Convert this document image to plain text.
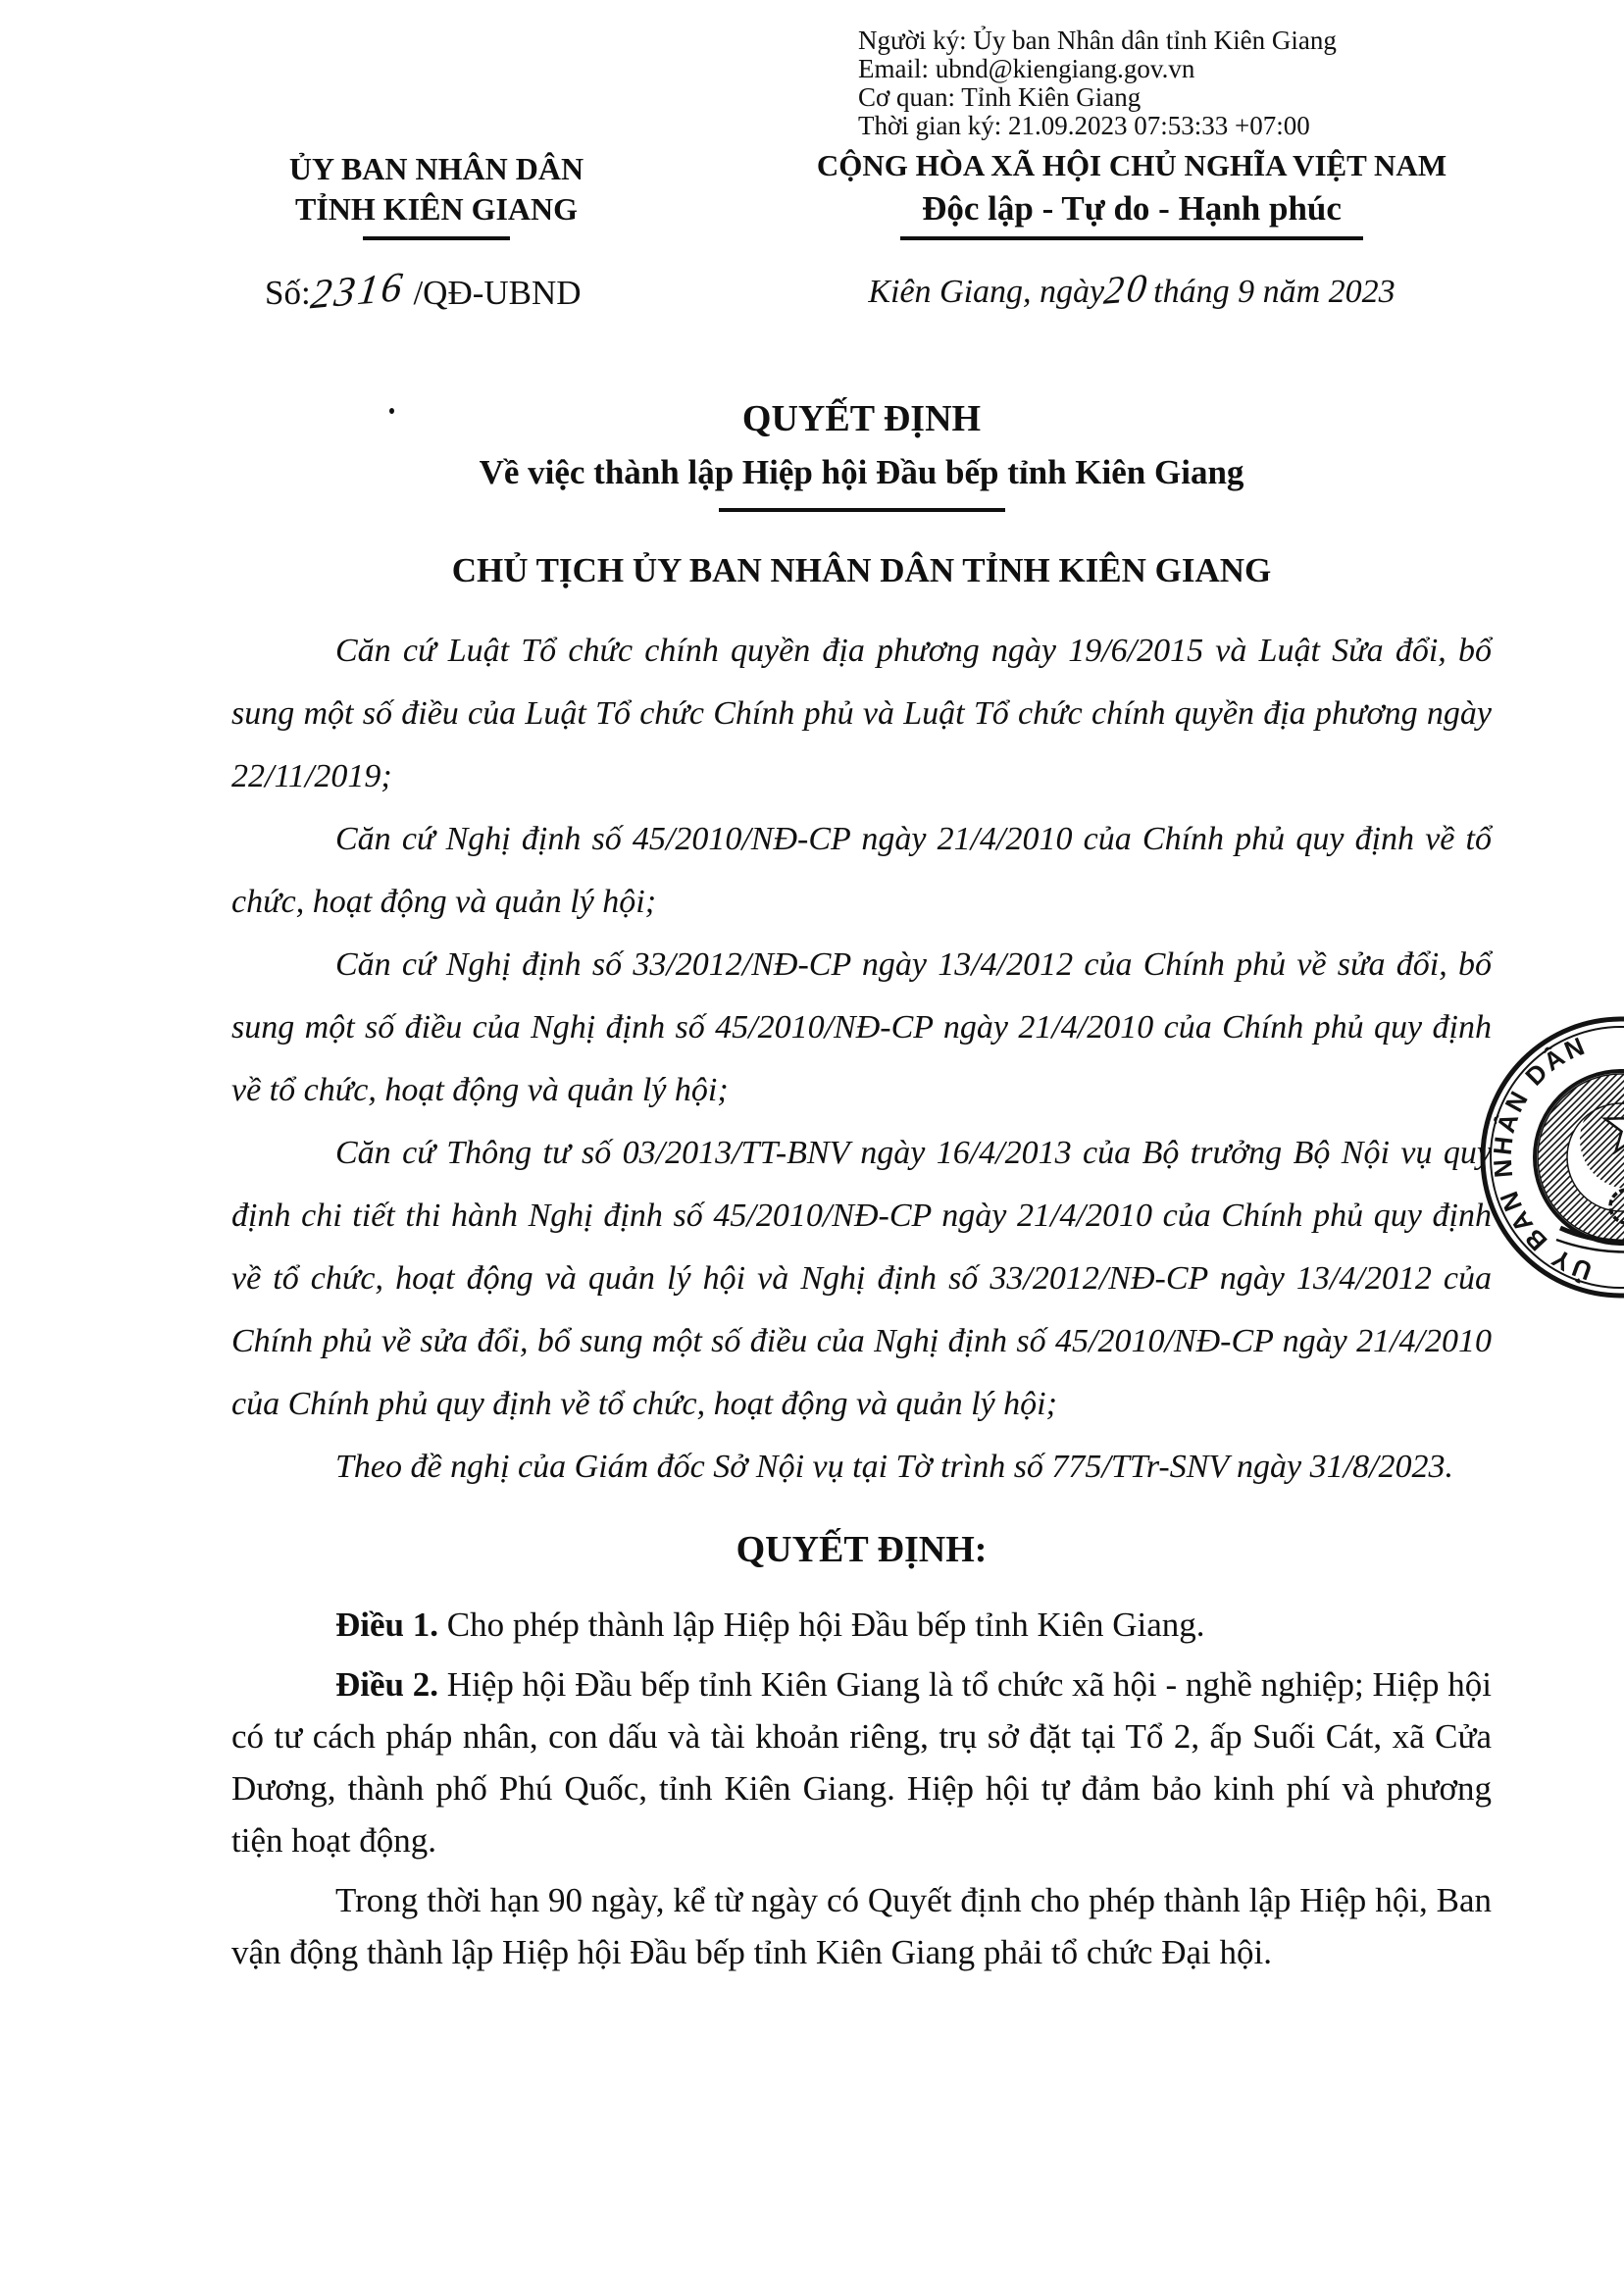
Người ký: Ủy ban Nhân dân tỉnh Kiên Giang
Email: ubnd@kiengiang.gov.vn
Cơ quan: Tỉnh Kiên Giang
Thời gian ký: 21.09.2023 07:53:33 +07:00
ỦY BAN NHÂN DÂN
TỈNH KIÊN GIANG
Số:2316 /QĐ-UBND
CỘNG HÒA XÃ HỘI CHỦ NGHĨA VIỆT NAM
Độc lập - Tự do - Hạnh phúc
Kiên Giang, ngày20tháng 9 năm 2023
QUYẾT ĐỊNH
Về việc thành lập Hiệp hội Đầu bếp tỉnh Kiên Giang
CHỦ TỊCH ỦY BAN NHÂN DÂN TỈNH KIÊN GIANG

Căn cứ Luật Tổ chức chính quyền địa phương ngày 19/6/2015 và Luật Sửa đổi, bổ sung một số điều của Luật Tổ chức Chính phủ và Luật Tổ chức chính quyền địa phương ngày 22/11/2019;

Căn cứ Nghị định số 45/2010/NĐ-CP ngày 21/4/2010 của Chính phủ quy định về tổ chức, hoạt động và quản lý hội;

Căn cứ Nghị định số 33/2012/NĐ-CP ngày 13/4/2012 của Chính phủ về sửa đổi, bổ sung một số điều của Nghị định số 45/2010/NĐ-CP ngày 21/4/2010 của Chính phủ quy định về tổ chức, hoạt động và quản lý hội;

Căn cứ Thông tư số 03/2013/TT-BNV ngày 16/4/2013 của Bộ trưởng Bộ Nội vụ quy định chi tiết thi hành Nghị định số 45/2010/NĐ-CP ngày 21/4/2010 của Chính phủ quy định về tổ chức, hoạt động và quản lý hội và Nghị định số 33/2012/NĐ-CP ngày 13/4/2012 của Chính phủ về sửa đổi, bổ sung một số điều của Nghị định số 45/2010/NĐ-CP ngày 21/4/2010 của Chính phủ quy định về tổ chức, hoạt động và quản lý hội;

Theo đề nghị của Giám đốc Sở Nội vụ tại Tờ trình số 775/TTr-SNV ngày 31/8/2023.

QUYẾT ĐỊNH:

Điều 1. Cho phép thành lập Hiệp hội Đầu bếp tỉnh Kiên Giang.

Điều 2. Hiệp hội Đầu bếp tỉnh Kiên Giang là tổ chức xã hội - nghề nghiệp; Hiệp hội có tư cách pháp nhân, con dấu và tài khoản riêng, trụ sở đặt tại Tổ 2, ấp Suối Cát, xã Cửa Dương, thành phố Phú Quốc, tỉnh Kiên Giang. Hiệp hội tự đảm bảo kinh phí và phương tiện hoạt động.

Trong thời hạn 90 ngày, kể từ ngày có Quyết định cho phép thành lập Hiệp hội, Ban vận động thành lập Hiệp hội Đầu bếp tỉnh Kiên Giang phải tổ chức Đại hội.

ỦY BAN NHÂN DÂN
